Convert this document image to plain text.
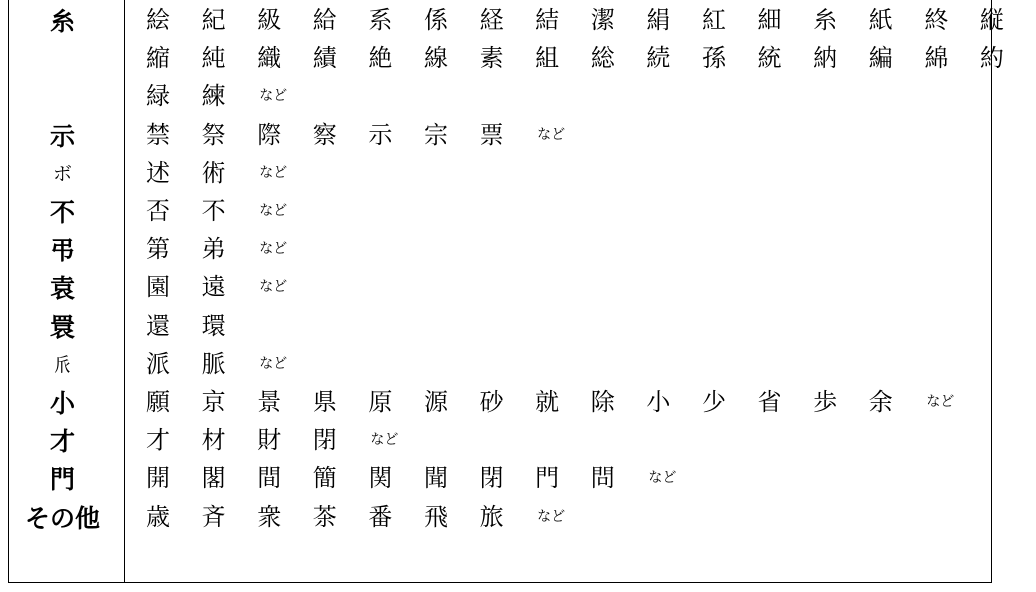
糸	絵	紀	級	給	系	係	経	結	潔	絹	紅	細	糸	紙	終	縦
縮	純	織	績	絶	線	素	組	総	続	孫	統	納	編	綿	約
緑	練	など
示	禁	祭	際	察	示	宗	票	など
ボ	述	術	など
不	否	不	など
弔	第	弟	など
袁	園	遠	など
睘	還	環
𠂢	派	脈	など
小	願	京	景	県	原	源	砂	就	除	小	少	省	歩	余	など
才	才	材	財	閉	など
門	開	閣	間	簡	関	聞	閉	門	問	など
その他	歳	斉	衆	茶	番	飛	旅	など
